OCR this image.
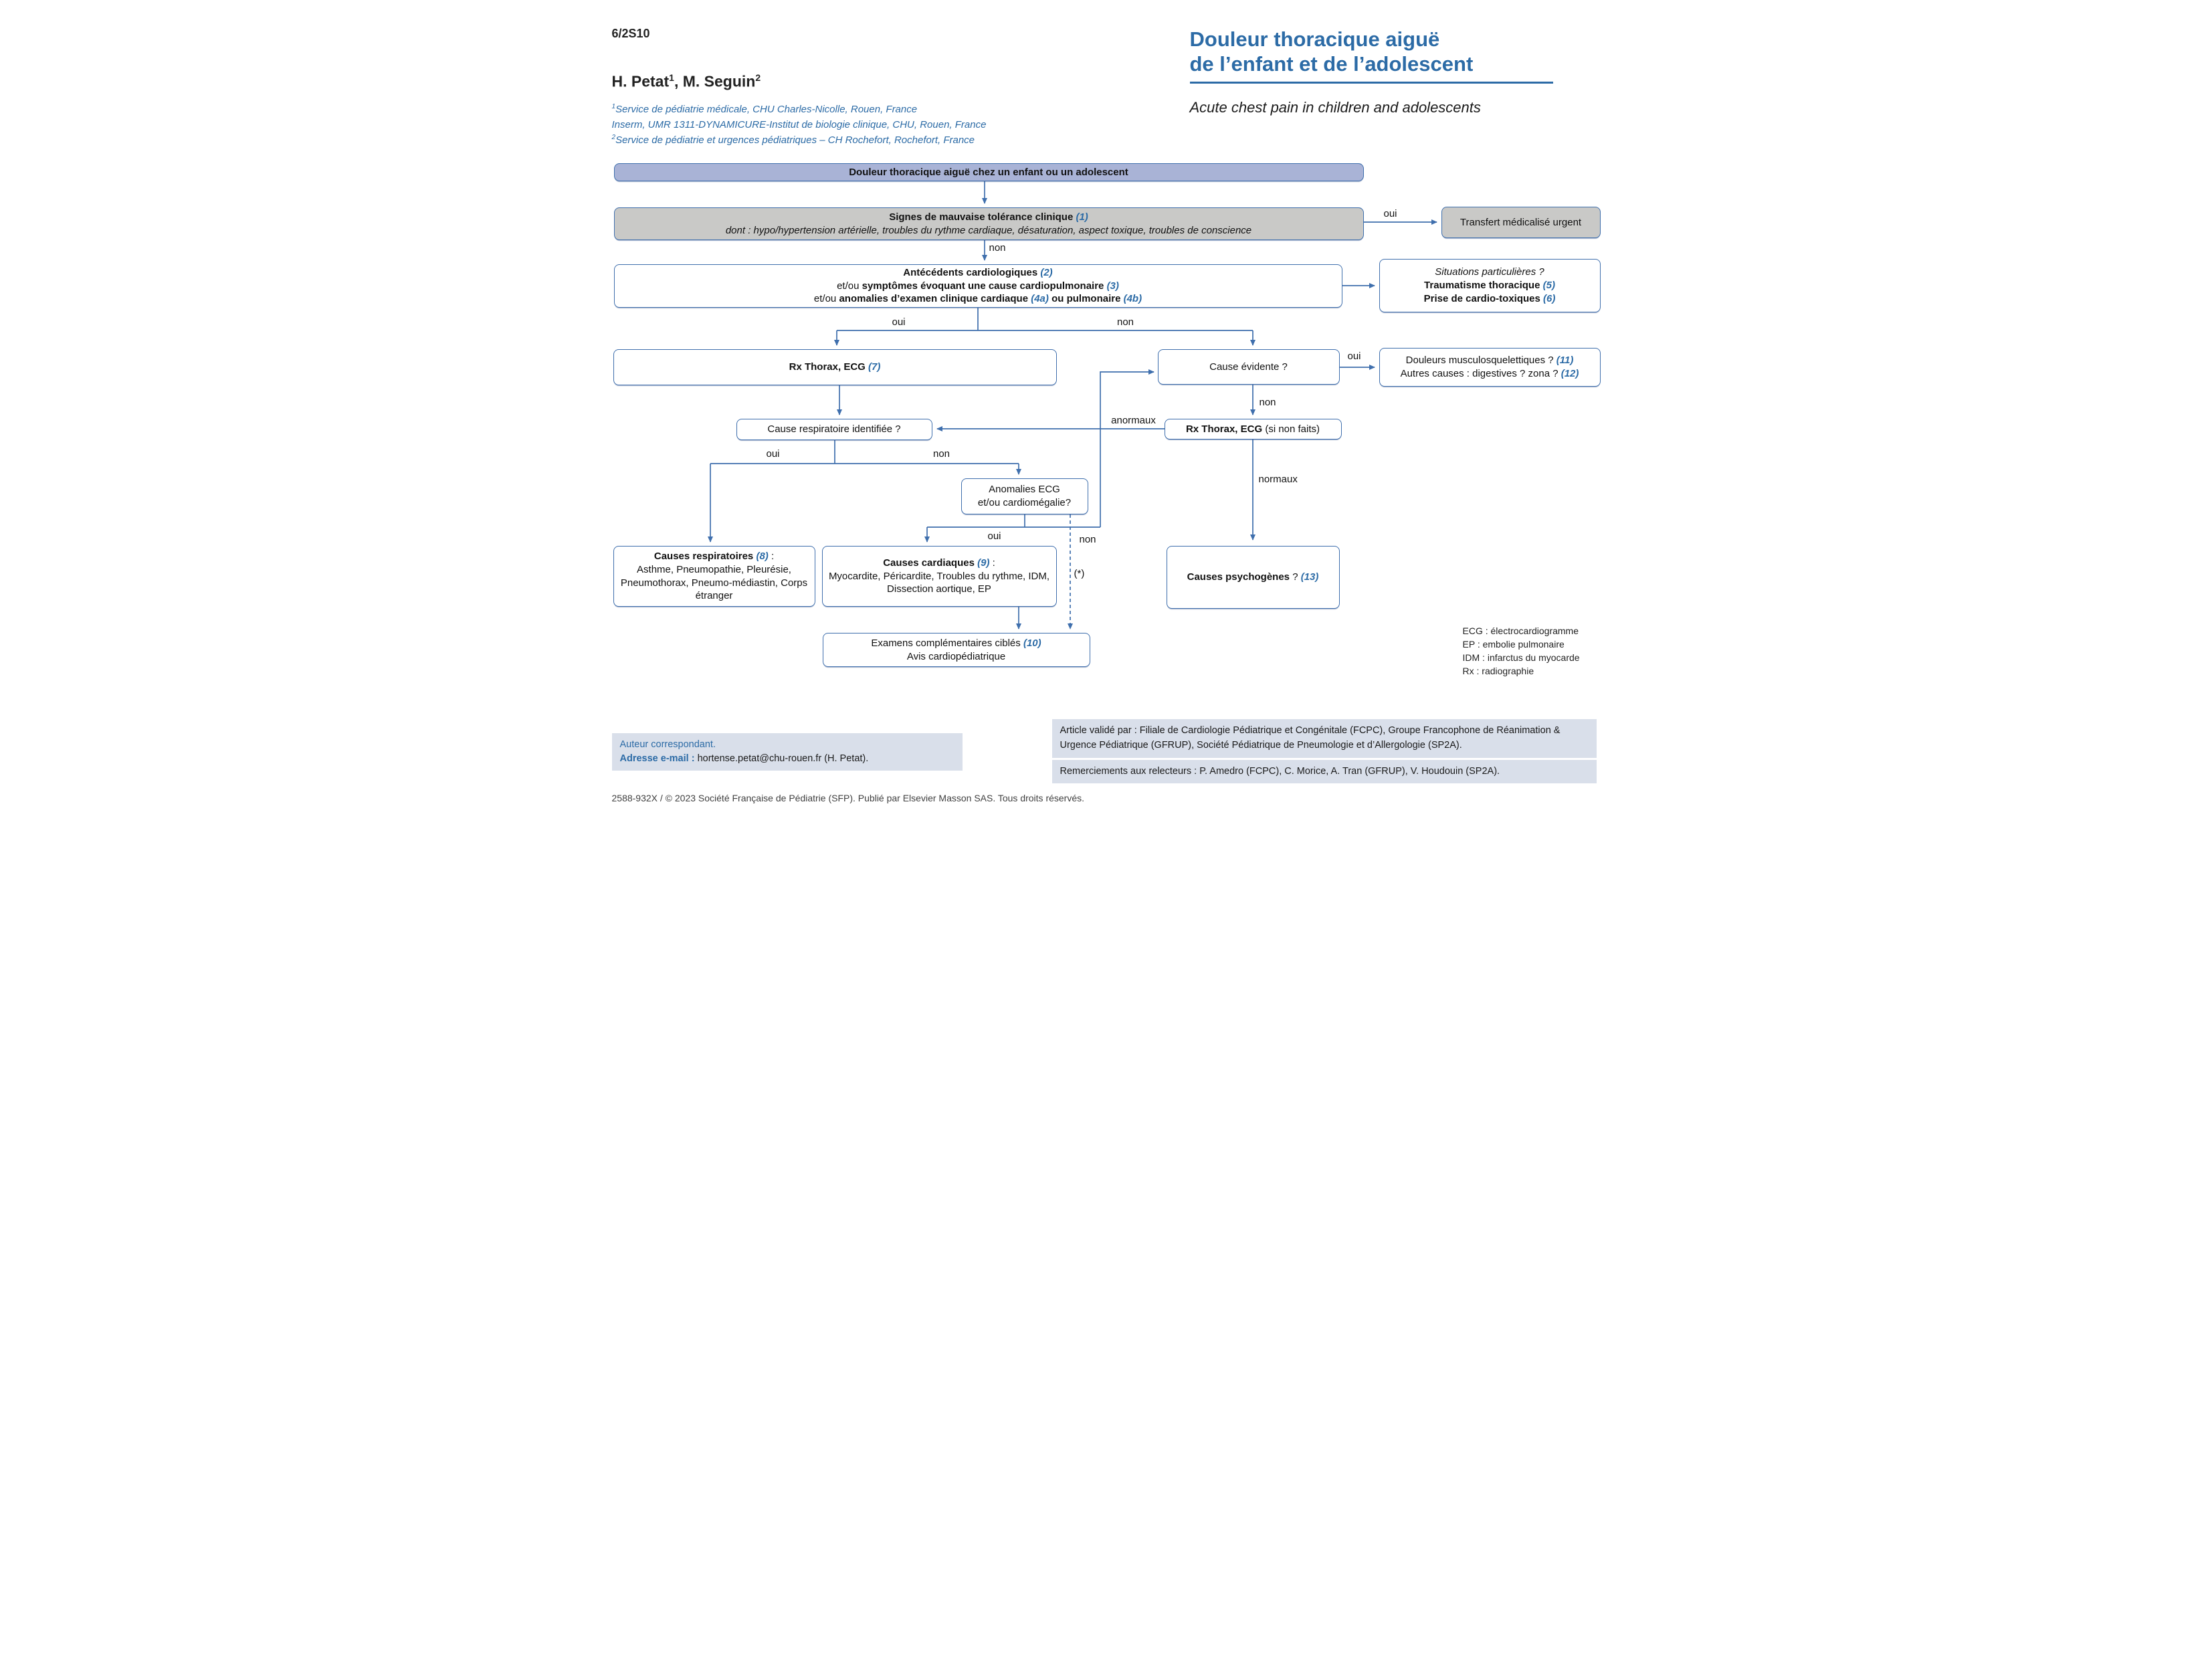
6/2S10
H. Petat$^1$, M. Seguin$^2$
$^1$Service de pédiatrie médicale, CHU Charles-Nicolle, Rouen, France
Inserm, UMR 1311-DYNAMICURE-Institut de biologie clinique, CHU, Rouen, France
$^2$Service de pédiatrie et urgences pédiatriques – CH Rochefort, Rochefort, France
Douleur thoracique aiguë
de l’enfant et de l’adolescent
Acute chest pain in children and adolescents
Douleur thoracique aiguë chez un enfant ou un adolescent
Signes de mauvaise tolérance clinique (1)
dont : hypo/hypertension artérielle, troubles du rythme cardiaque, désaturation, aspect toxique, troubles de conscience
Transfert médicalisé urgent
Antécédents cardiologiques (2)
et/ou symptômes évoquant une cause cardiopulmonaire (3)
et/ou anomalies d’examen clinique cardiaque (4a) ou pulmonaire (4b)
Situations particulières ?
Traumatisme thoracique (5)
Prise de cardio-toxiques (6)
Rx Thorax, ECG (7)	Cause évidente ?
Douleurs musculosquelettiques ? (11)
Autres causes : digestives ? zona ? (12)
Cause respiratoire identifiée ?	Rx Thorax, ECG (si non faits)
Anomalies ECG
et/ou cardiomégalie?
Causes respiratoires (8) :
Asthme, Pneumopathie, Pleurésie, Pneumothorax, Pneumo-médiastin, Corps étranger
Causes cardiaques (9) :
Myocardite, Péricardite, Troubles du rythme, IDM, Dissection aortique, EP
Causes psychogènes ? (13)
Examens complémentaires ciblés (10)
Avis cardiopédiatrique
oui
non
oui	non
oui
non
anormaux
normaux
oui	non
oui	non
(*)
ECG : électrocardiogramme
EP : embolie pulmonaire
IDM : infarctus du myocarde
Rx : radiographie
Auteur correspondant.
Adresse e-mail : hortense.petat@chu-rouen.fr (H. Petat).
Article validé par : Filiale de Cardiologie Pédiatrique et Congénitale (FCPC), Groupe Francophone de Réanimation & Urgence Pédiatrique (GFRUP), Société Pédiatrique de Pneumologie et d’Allergologie (SP2A).
Remerciements aux relecteurs : P. Amedro (FCPC), C. Morice, A. Tran (GFRUP), V. Houdouin (SP2A).
2588-932X / © 2023 Société Française de Pédiatrie (SFP). Publié par Elsevier Masson SAS. Tous droits réservés.
